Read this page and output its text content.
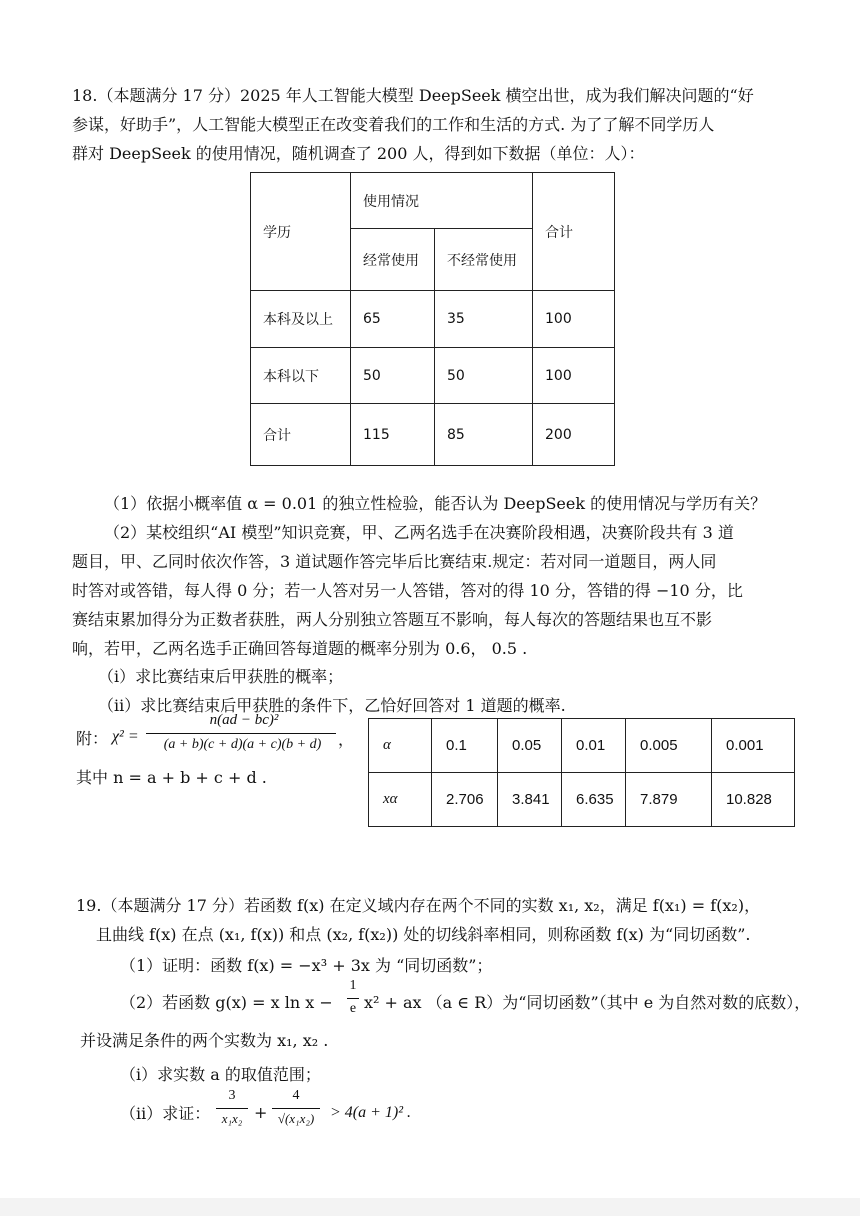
18.（本题满分 17 分）2025 年人工智能大模型 DeepSeek 横空出世，成为我们解决问题的“好
参谋，好助手”，人工智能大模型正在改变着我们的工作和生活的方式. 为了了解不同学历人
群对 DeepSeek 的使用情况，随机调查了 200 人，得到如下数据（单位：人）：
学历	使用情况		合计
	经常使用	不经常使用	
本科及以上	65	35	100
本科以下	50	50	100
合计	115	85	200
（1）依据小概率值 α = 0.01 的独立性检验，能否认为 DeepSeek 的使用情况与学历有关？
（2）某校组织“AI 模型”知识竞赛，甲、乙两名选手在决赛阶段相遇，决赛阶段共有 3 道
题目，甲、乙同时依次作答，3 道试题作答完毕后比赛结束.规定：若对同一道题目，两人同
时答对或答错，每人得 0 分；若一人答对另一人答错，答对的得 10 分，答错的得 −10 分，比
赛结束累加得分为正数者获胜，两人分别独立答题互不影响，每人每次的答题结果也互不影
响，若甲，乙两名选手正确回答每道题的概率分别为 0.6， 0.5 .
（i）求比赛结束后甲获胜的概率；
（ii）求比赛结束后甲获胜的条件下，乙恰好回答对 1 道题的概率.
附： χ² =
n(ad − bc)²
(a + b)(c + d)(a + c)(b + d)	，
其中 n = a + b + c + d .
α	0.1	0.05	0.01	0.005	0.001
xα	2.706	3.841	6.635	7.879	10.828
19.（本题满分 17 分）若函数 f(x) 在定义域内存在两个不同的实数 x₁, x₂，满足 f(x₁) = f(x₂)，
且曲线 f(x) 在点 (x₁, f(x)) 和点 (x₂, f(x₂)) 处的切线斜率相同，则称函数 f(x) 为“同切函数”.
（1）证明：函数 f(x) = −x³ + 3x 为 “同切函数”；
（2）若函数 g(x) = x ln x −
1
e x² + ax （a ∈ R）为“同切函数”（其中 e 为自然对数的底数），
并设满足条件的两个实数为 x₁, x₂ .
（i）求实数 a 的取值范围；
（ii）求证：
3
x₁x₂ +
4
√(x₁x₂) > 4(a + 1)² .
